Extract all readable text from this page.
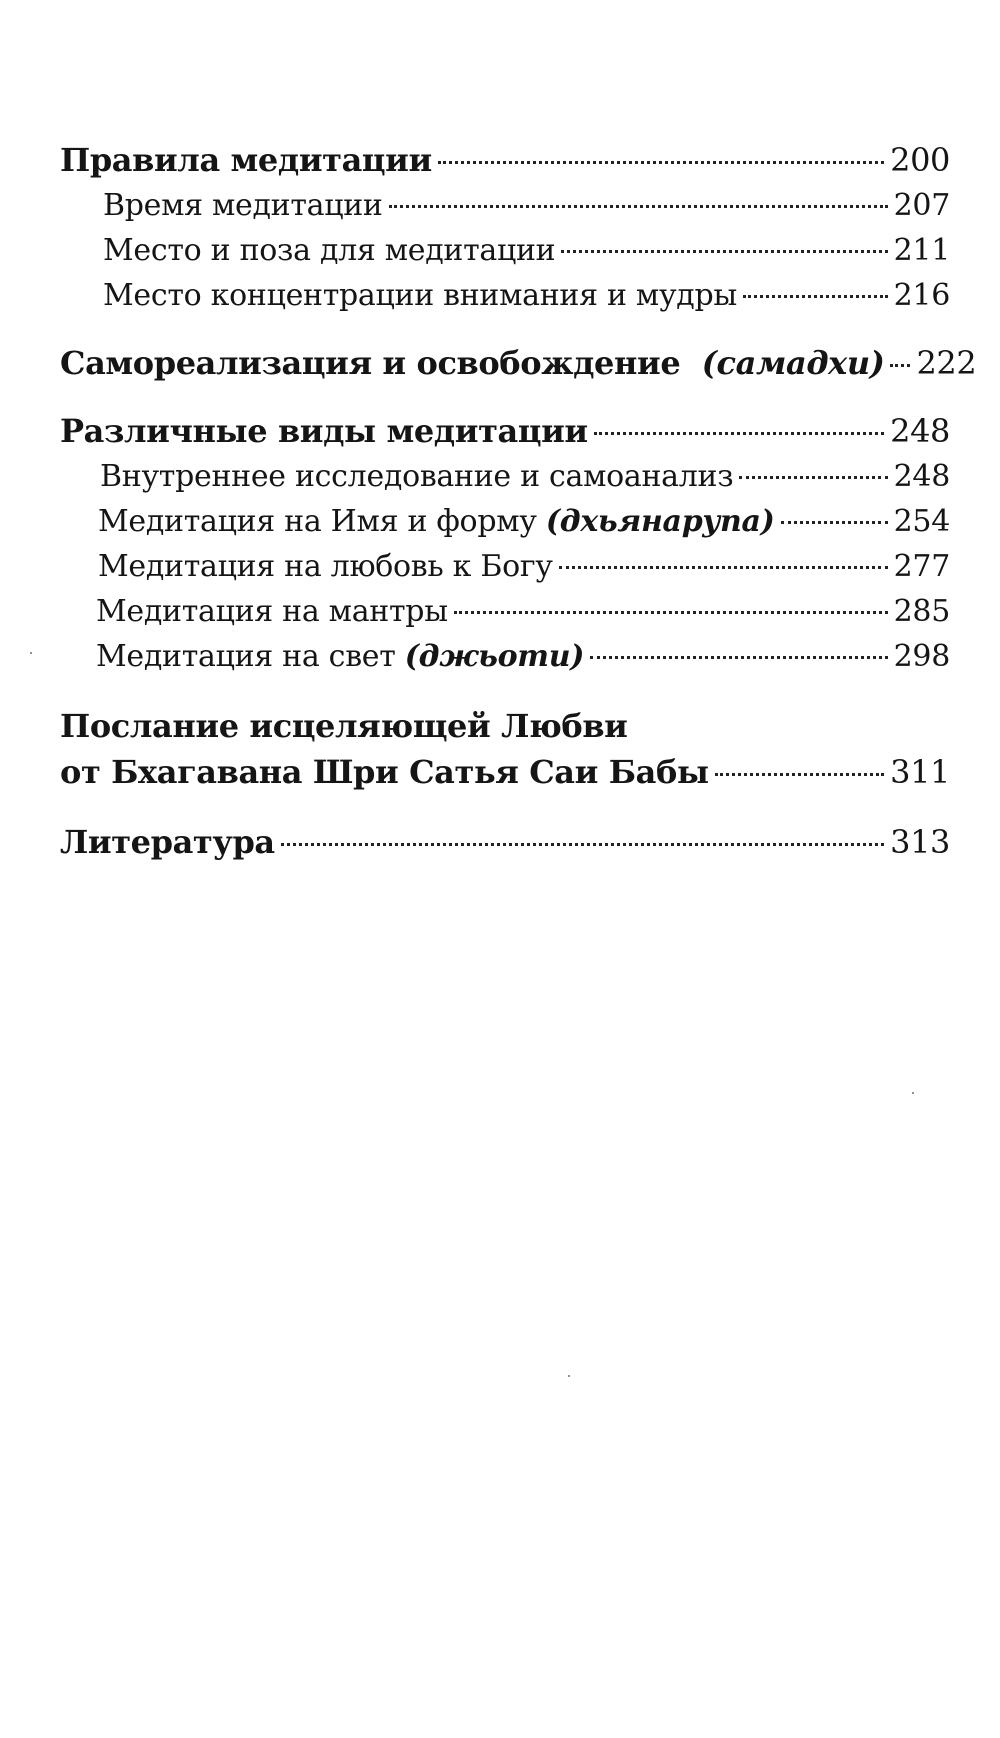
Правила медитации	200
Время медитации	207
Место и поза для медитации	211
Место концентрации внимания и мудры	216
Самореализация и освобождение (самадхи) 222
Различные виды медитации	248
Внутреннее исследование и самоанализ	248
Медитация на Имя и форму (дхьянарупа)	254
Медитация на любовь к Богу	277
Медитация на мантры	285
Медитация на свет (джьоти)	298
Послание исцеляющей Любви
от Бхагавана Шри Сатья Саи Бабы	311
Литература	313
